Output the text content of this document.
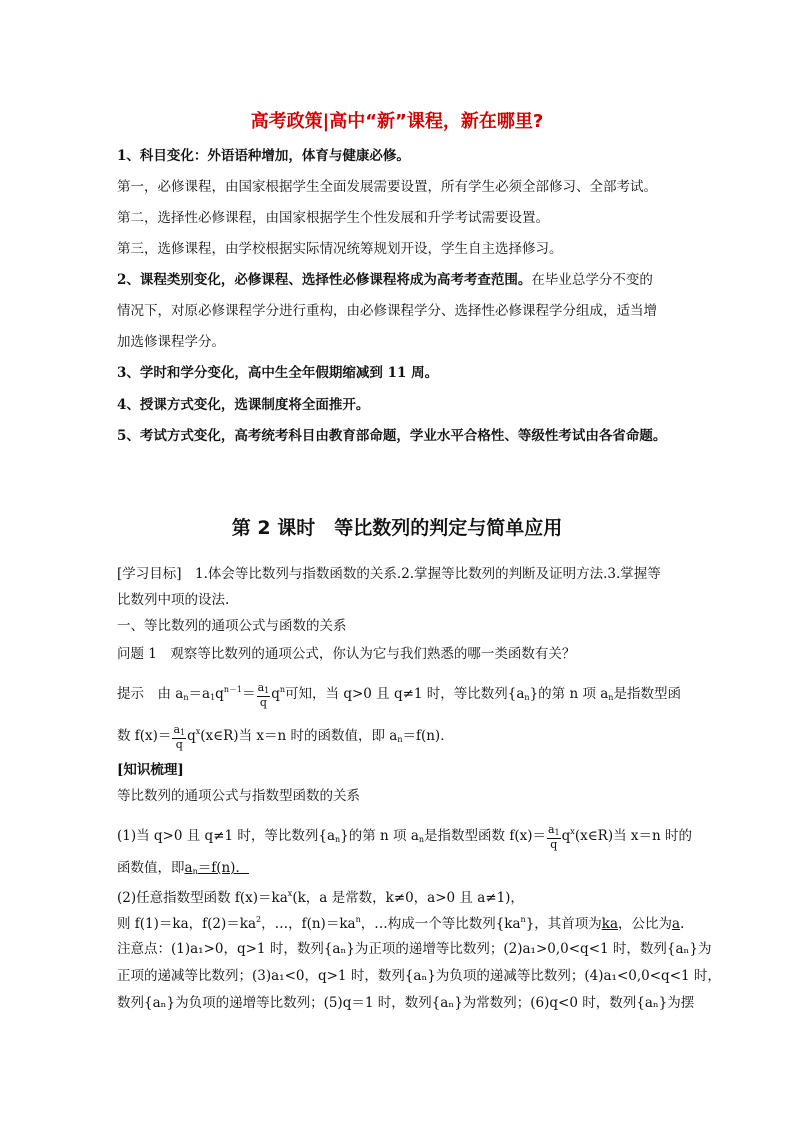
高考政策|高中“新”课程，新在哪里?
1、科目变化：外语语种增加，体育与健康必修。
第一，必修课程，由国家根据学生全面发展需要设置，所有学生必须全部修习、全部考试。
第二，选择性必修课程，由国家根据学生个性发展和升学考试需要设置。
第三，选修课程，由学校根据实际情况统筹规划开设，学生自主选择修习。
2、课程类别变化，必修课程、选择性必修课程将成为高考考查范围。在毕业总学分不变的
情况下，对原必修课程学分进行重构，由必修课程学分、选择性必修课程学分组成，适当增
加选修课程学分。
3、学时和学分变化，高中生全年假期缩减到 11 周。
4、授课方式变化，选课制度将全面推开。
5、考试方式变化，高考统考科目由教育部命题，学业水平合格性、等级性考试由各省命题。
第 2 课时　等比数列的判定与简单应用
[学习目标]　1.体会等比数列与指数函数的关系.2.掌握等比数列的判断及证明方法.3.掌握等
比数列中项的设法.
一、等比数列的通项公式与函数的关系
问题 1　观察等比数列的通项公式，你认为它与我们熟悉的哪一类函数有关？
提示　由 $a_n=a_1q^{n-1}= \frac{a_1}{q} q^n$可知，当 q>0 且 q≠1 时，等比数列$\{a_n\}$的第 n 项 $a_n$是指数型函
数 $f(x)= \frac{a_1}{q}$ $q^x(x\in R)$当 x＝n 时的函数值，即 $a_n=f(n)$．
[知识梳理]
等比数列的通项公式与指数型函数的关系
(1)当 q>0 且 q≠1 时，等比数列$\{a_n\}$的第 n 项 $a_n$是指数型函数 $f(x)= \frac{a_1}{q}$ $q^x(x\in R)$当 x＝n 时的
函数值，即$a_n=f(n)$．
(2)任意指数型函数 $f(x)=ka^x(k$，a 是常数，k≠0，a>0 且 a≠1)，
则 f(1)＝ka，$f(2)=ka^2$，…，$f(n)=ka^n$，…构成一个等比数列$\{ka^n\}$，其首项为ka，公比为a.
注意点：(1)a₁>0，q>1 时，数列{aₙ}为正项的递增等比数列；(2)a₁>0,0<q<1 时，数列{aₙ}为
正项的递减等比数列；(3)a₁<0，q>1 时，数列{aₙ}为负项的递减等比数列；(4)a₁<0,0<q<1 时，
数列{aₙ}为负项的递增等比数列；(5)q＝1 时，数列{aₙ}为常数列；(6)q<0 时，数列{aₙ}为摆
